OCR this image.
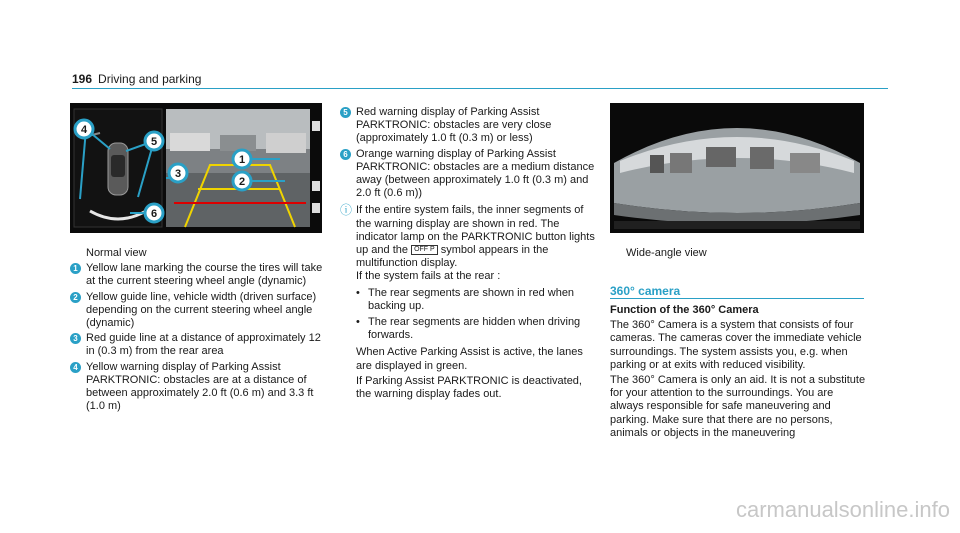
196 Driving and parking
4
5
3
1
2
6
Normal view
1 Yellow lane marking the course the tires will take at the current steering wheel angle (dynamic)
2 Yellow guide line, vehicle width (driven surface) depending on the current steering wheel angle (dynamic)
3 Red guide line at a distance of approximately 12 in (0.3 m) from the rear area
4 Yellow warning display of Parking Assist PARKTRONIC: obstacles are at a distance of between approximately 2.0 ft (0.6 m) and 3.3 ft (1.0 m)
5 Red warning display of Parking Assist PARKTRONIC: obstacles are very close (approximately 1.0 ft (0.3 m) or less)
6 Orange warning display of Parking Assist PARKTRONIC: obstacles are a medium distance away (between approximately 1.0 ft (0.3 m) and 2.0 ft (0.6 m))
ⓘ If the entire system fails, the inner segments of the warning display are shown in red. The indicator lamp on the PARKTRONIC button lights up and the OFF P symbol appears in the multifunction display.
If the system fails at the rear :
• The rear segments are shown in red when backing up.
• The rear segments are hidden when driving forwards.

When Active Parking Assist is active, the lanes are displayed in green.

If Parking Assist PARKTRONIC is deactivated, the warning display fades out.

Wide-angle view
360° camera

Function of the 360° Camera

The 360° Camera is a system that consists of four cameras. The cameras cover the immediate vehicle surroundings. The system assists you, e.g. when parking or at exits with reduced visibility.

The 360° Camera is only an aid. It is not a substitute for your attention to the surroundings. You are always responsible for safe maneuvering and parking. Make sure that there are no persons, animals or objects in the maneuvering

carmanualsonline.info
